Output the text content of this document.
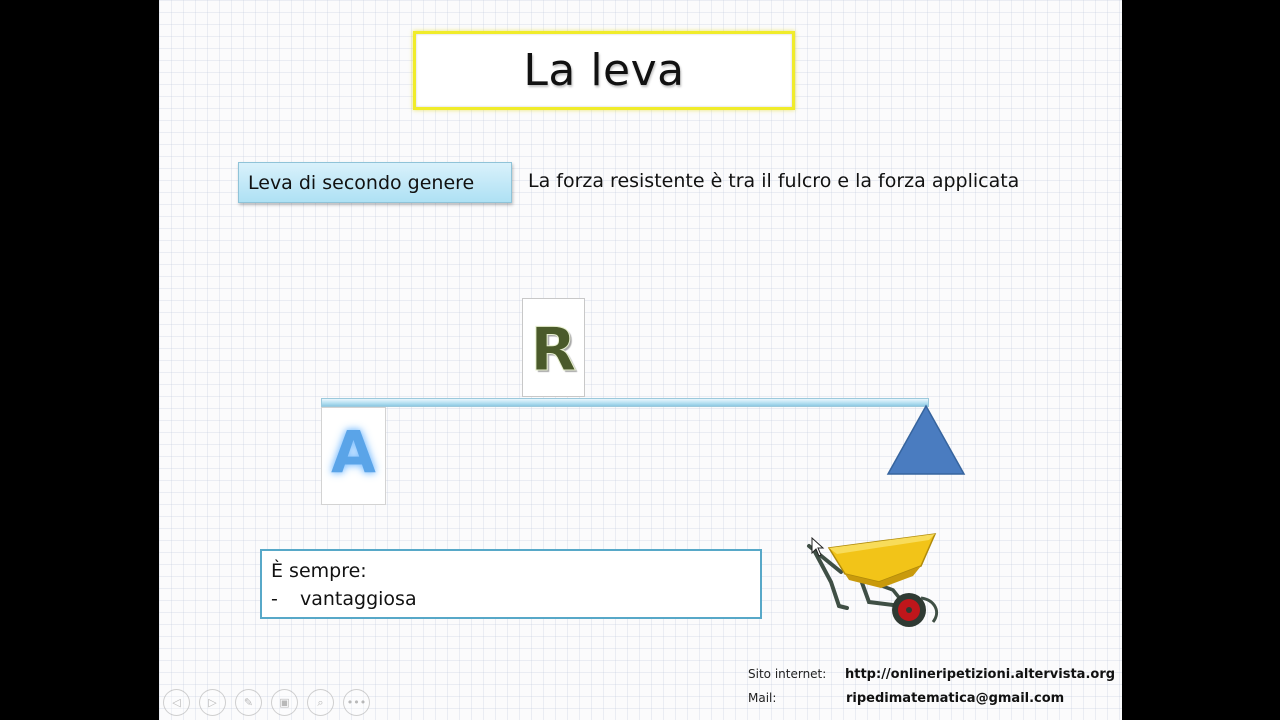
La leva
Leva di secondo genere	La forza resistente è tra il fulcro e la forza applicata
R
A
È sempre:
- vantaggiosa
Sito internet: http://onlineripetizioni.altervista.org
Mail:	ripedimatematica@gmail.com
◁	▷ ✎ ▣	⌕ •••
